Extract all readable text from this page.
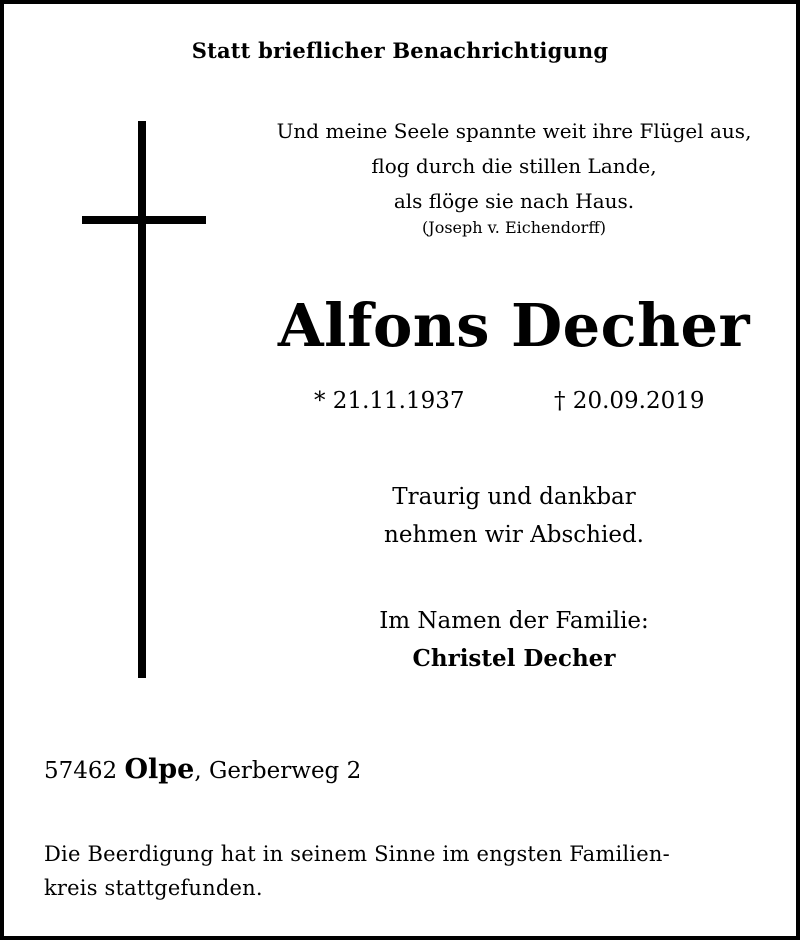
Statt brieflicher Benachrichtigung
Und meine Seele spannte weit ihre Flügel aus,
flog durch die stillen Lande,
als flöge sie nach Haus.
(Joseph v. Eichendorff)
Alfons Decher
* 21.11.1937	† 20.09.2019
Traurig und dankbar
nehmen wir Abschied.
Im Namen der Familie:
Christel Decher
57462 Olpe, Gerberweg 2
Die Beerdigung hat in seinem Sinne im engsten Familien-
kreis stattgefunden.
